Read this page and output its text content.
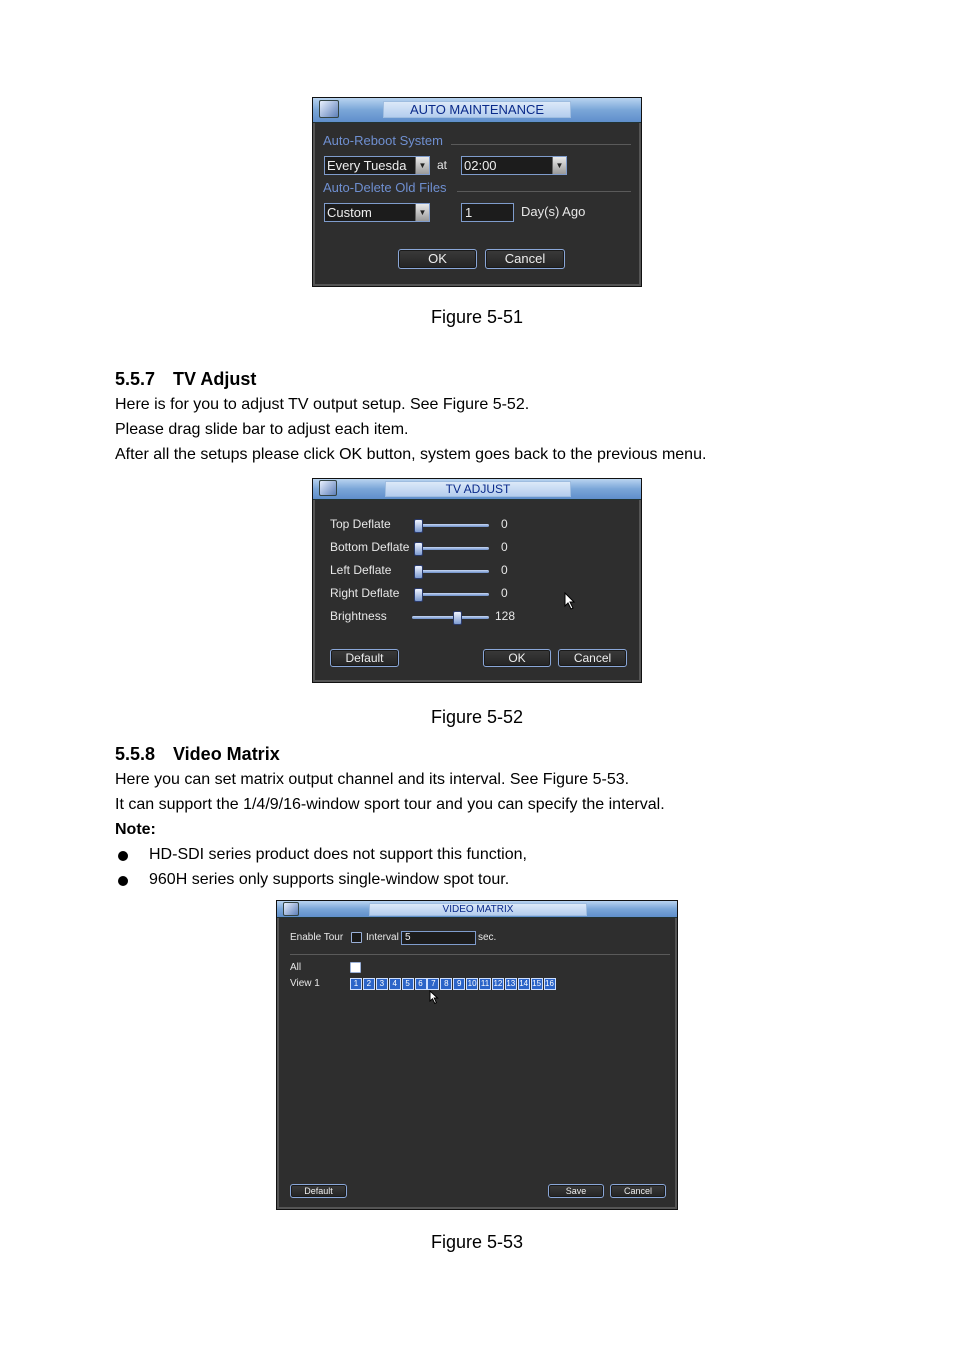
AUTO MAINTENANCE
Auto-Reboot System
Every Tuesda	▼ at 02:00	▼
Auto-Delete Old Files
Custom	▼	1	Day(s) Ago
OK	Cancel
Figure 5-51
5.5.7 TV Adjust
Here is for you to adjust TV output setup. See Figure 5-52.
Please drag slide bar to adjust each item.
After all the setups please click OK button, system goes back to the previous menu.
TV ADJUST
Top Deflate	0
Bottom Deflate	0
Left Deflate	0
Right Deflate	0
Brightness	128
Default	OK	Cancel
Figure 5-52
5.5.8 Video Matrix
Here you can set matrix output channel and its interval. See Figure 5-53.
It can support the 1/4/9/16-window sport tour and you can specify the interval.
Note:
HD-SDI series product does not support this function,
960H series only supports single-window spot tour.
VIDEO MATRIX
Enable Tour Interval 5	sec.
All
View 1	1	2	3	4	5	6	7	8	9 10 11 12 13 14 15 16
Default	Save	Cancel
Figure 5-53
